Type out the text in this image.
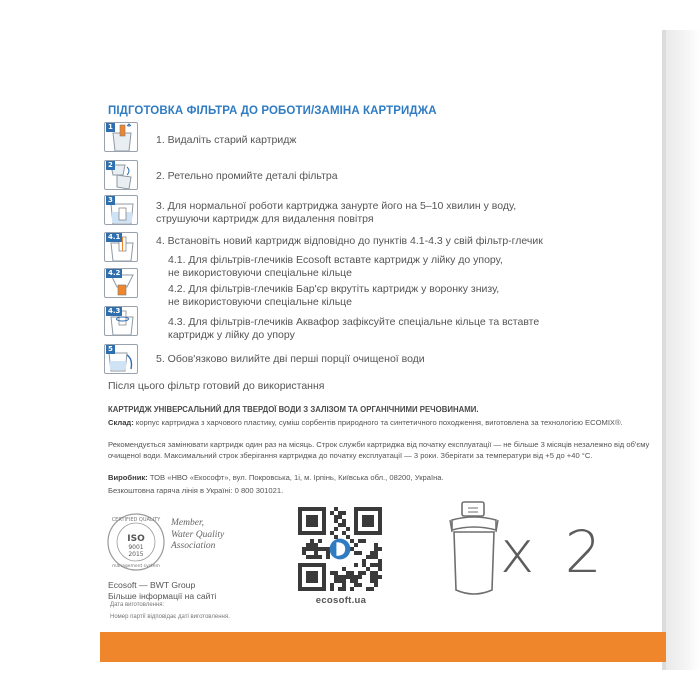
ПІДГОТОВКА ФІЛЬТРА ДО РОБОТИ/ЗАМІНА КАРТРИДЖА
1
2
3
4.1
4.2
4.3
5
1. Видаліть старий картридж
2. Ретельно промийте деталі фільтра
3. Для нормальної роботи картриджа занурте його на 5–10 хвилин у воду,
струшуючи картридж для видалення повітря
4. Встановіть новий картридж відповідно до пунктів 4.1-4.3 у свій фільтр-глечик
4.1. Для фільтрів-глечиків Ecosoft вставте картридж у лійку до упору,
не використовуючи спеціальне кільце
4.2. Для фільтрів-глечиків Бар'єр вкрутіть картридж у воронку знизу,
не використовуючи спеціальне кільце
4.3. Для фільтрів-глечиків Аквафор зафіксуйте спеціальне кільце та вставте
картридж у лійку до упору
5. Обов'язково вилийте дві перші порції очищеної води
Після цього фільтр готовий до використання
КАРТРИДЖ УНІВЕРСАЛЬНИЙ ДЛЯ ТВЕРДОЇ ВОДИ З ЗАЛІЗОМ ТА ОРГАНІЧНИМИ РЕЧОВИНАМИ.
Склад: корпус картриджа з харчового пластику, суміш сорбентів природного та синтетичного походження, виготовлена за технологією ECOMIX®.
Рекомендується замінювати картридж один раз на місяць. Строк служби картриджа від початку експлуатації — не більше 3 місяців незалежно від об'єму очищеної води. Максимальний строк зберігання картриджа до початку експлуатації — 3 роки. Зберігати за температури від +5 до +40 °С.
Виробник: ТОВ «НВО «Екософт», вул. Покровська, 1і, м. Ірпінь, Київська обл., 08200, Україна.
Безкоштовна гаряча лінія в Україні: 0 800 301021.
CERTIFIED QUALITY
ISO
9001
2015
management system
Member,
Water Quality
Association
Ecosoft — BWT Group
Більше інформації на сайті	ecosoft.ua
x 2
Дата виготовлення:
Номер партії відповідає даті виготовлення.
